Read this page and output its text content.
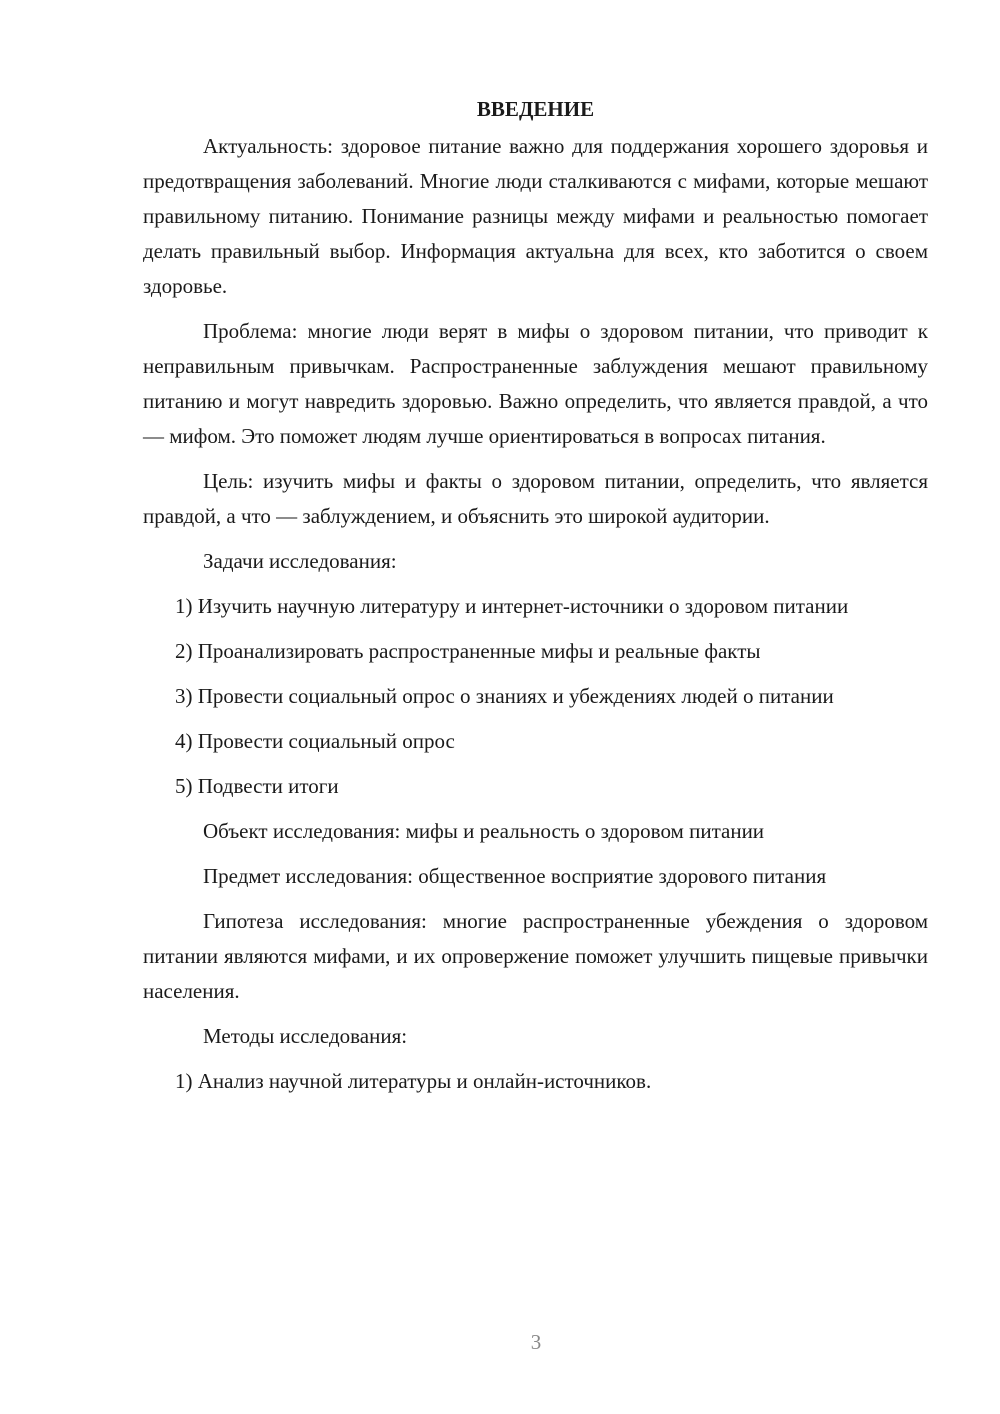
ВВЕДЕНИЕ

Актуальность: здоровое питание важно для поддержания хорошего здоровья и предотвращения заболеваний. Многие люди сталкиваются с мифами, которые мешают правильному питанию. Понимание разницы между мифами и реальностью помогает делать правильный выбор. Информация актуальна для всех, кто заботится о своем здоровье.

Проблема: многие люди верят в мифы о здоровом питании, что приводит к неправильным привычкам. Распространенные заблуждения мешают правильному питанию и могут навредить здоровью. Важно определить, что является правдой, а что — мифом. Это поможет людям лучше ориентироваться в вопросах питания.

Цель: изучить мифы и факты о здоровом питании, определить, что является правдой, а что — заблуждением, и объяснить это широкой аудитории.

Задачи исследования:

1) Изучить научную литературу и интернет-источники о здоровом питании

2) Проанализировать распространенные мифы и реальные факты

3) Провести социальный опрос о знаниях и убеждениях людей о питании

4) Провести социальный опрос

5) Подвести итоги

Объект исследования: мифы и реальность о здоровом питании

Предмет исследования: общественное восприятие здорового питания

Гипотеза исследования: многие распространенные убеждения о здоровом питании являются мифами, и их опровержение поможет улучшить пищевые привычки населения.

Методы исследования:

1) Анализ научной литературы и онлайн-источников.

3
